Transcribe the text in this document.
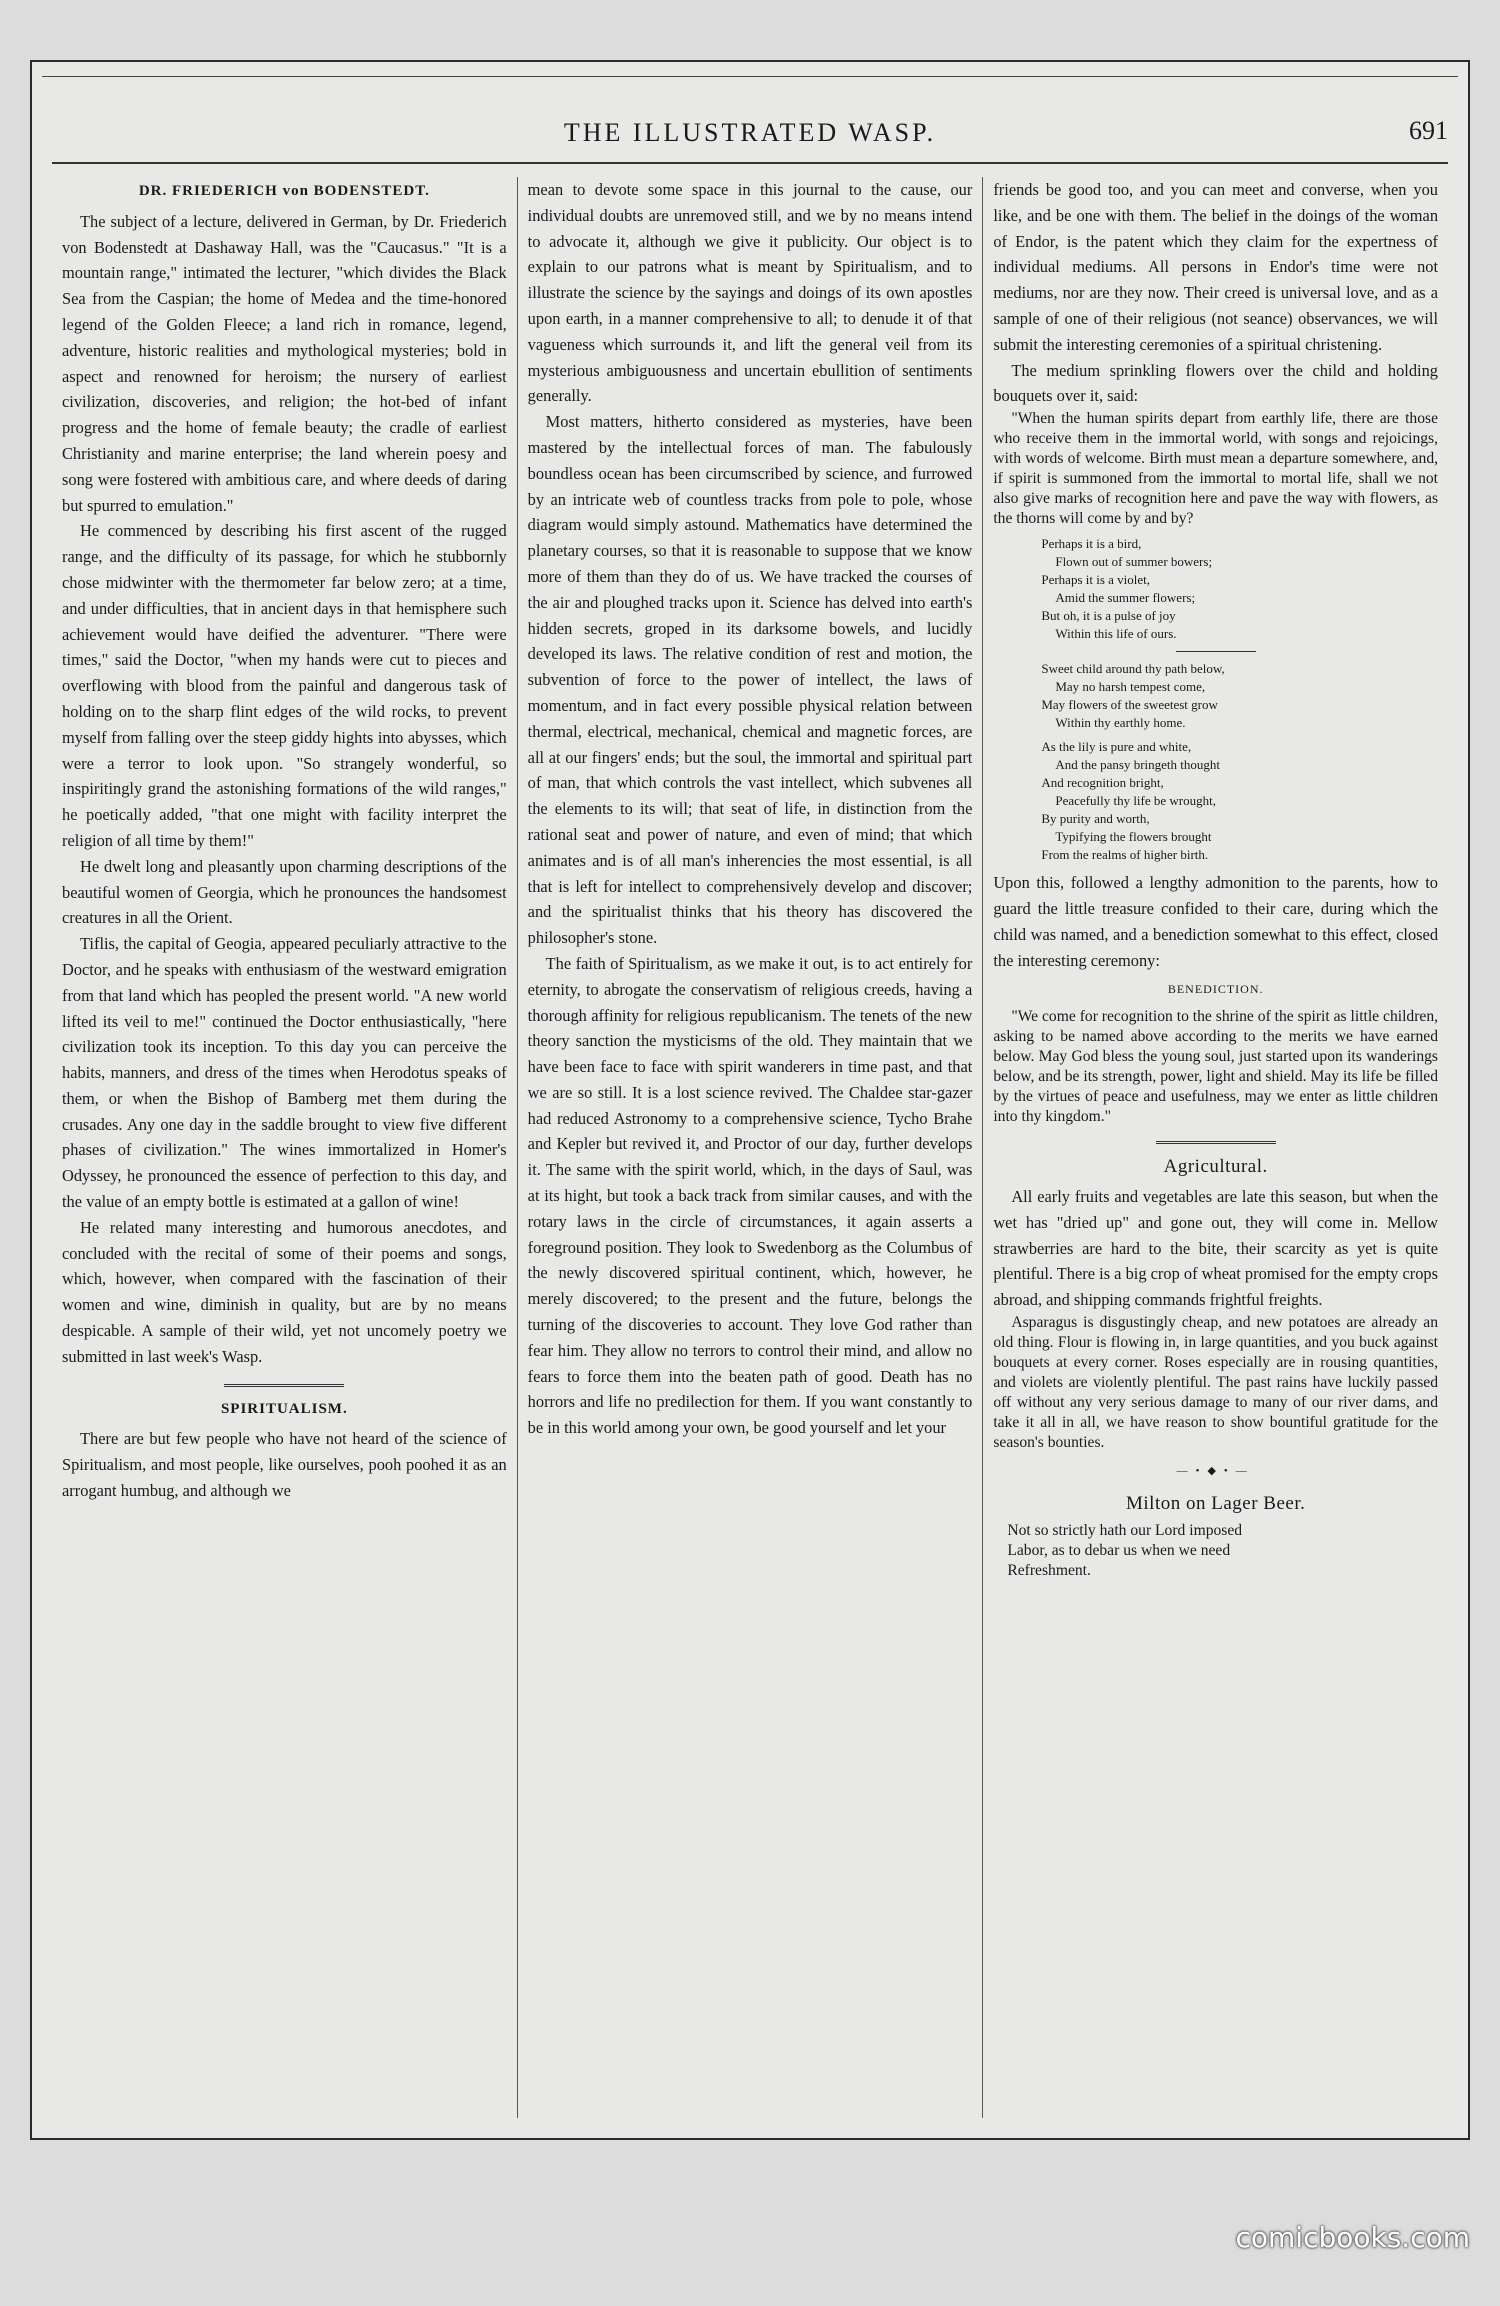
THE ILLUSTRATED WASP.	691
DR. FRIEDERICH von BODENSTEDT.

The subject of a lecture, delivered in German, by Dr. Friederich von Bodenstedt at Dashaway Hall, was the "Caucasus." "It is a mountain range," intimated the lecturer, "which divides the Black Sea from the Caspian; the home of Medea and the time-honored legend of the Golden Fleece; a land rich in romance, legend, adventure, historic realities and mythological mysteries; bold in aspect and renowned for heroism; the nursery of earliest civilization, discoveries, and religion; the hot-bed of infant progress and the home of female beauty; the cradle of earliest Christianity and marine enterprise; the land wherein poesy and song were fostered with ambitious care, and where deeds of daring but spurred to emulation."

He commenced by describing his first ascent of the rugged range, and the difficulty of its passage, for which he stubbornly chose midwinter with the thermometer far below zero; at a time, and under difficulties, that in ancient days in that hemisphere such achievement would have deified the adventurer. "There were times," said the Doctor, "when my hands were cut to pieces and overflowing with blood from the painful and dangerous task of holding on to the sharp flint edges of the wild rocks, to prevent myself from falling over the steep giddy hights into abysses, which were a terror to look upon. "So strangely wonderful, so inspiritingly grand the astonishing formations of the wild ranges," he poetically added, "that one might with facility interpret the religion of all time by them!"

He dwelt long and pleasantly upon charming descriptions of the beautiful women of Georgia, which he pronounces the handsomest creatures in all the Orient.

Tiflis, the capital of Geogia, appeared peculiarly attractive to the Doctor, and he speaks with enthusiasm of the westward emigration from that land which has peopled the present world. "A new world lifted its veil to me!" continued the Doctor enthusiastically, "here civilization took its inception. To this day you can perceive the habits, manners, and dress of the times when Herodotus speaks of them, or when the Bishop of Bamberg met them during the crusades. Any one day in the saddle brought to view five different phases of civilization." The wines immortalized in Homer's Odyssey, he pronounced the essence of perfection to this day, and the value of an empty bottle is estimated at a gallon of wine!

He related many interesting and humorous anecdotes, and concluded with the recital of some of their poems and songs, which, however, when compared with the fascination of their women and wine, diminish in quality, but are by no means despicable. A sample of their wild, yet not uncomely poetry we submitted in last week's Wasp.

SPIRITUALISM.

There are but few people who have not heard of the science of Spiritualism, and most people, like ourselves, pooh poohed it as an arrogant humbug, and although we

mean to devote some space in this journal to the cause, our individual doubts are unremoved still, and we by no means intend to advocate it, although we give it publicity. Our object is to explain to our patrons what is meant by Spiritualism, and to illustrate the science by the sayings and doings of its own apostles upon earth, in a manner comprehensive to all; to denude it of that vagueness which surrounds it, and lift the general veil from its mysterious ambiguousness and uncertain ebullition of sentiments generally.

Most matters, hitherto considered as mysteries, have been mastered by the intellectual forces of man. The fabulously boundless ocean has been circumscribed by science, and furrowed by an intricate web of countless tracks from pole to pole, whose diagram would simply astound. Mathematics have determined the planetary courses, so that it is reasonable to suppose that we know more of them than they do of us. We have tracked the courses of the air and ploughed tracks upon it. Science has delved into earth's hidden secrets, groped in its darksome bowels, and lucidly developed its laws. The relative condition of rest and motion, the subvention of force to the power of intellect, the laws of momentum, and in fact every possible physical relation between thermal, electrical, mechanical, chemical and magnetic forces, are all at our fingers' ends; but the soul, the immortal and spiritual part of man, that which controls the vast intellect, which subvenes all the elements to its will; that seat of life, in distinction from the rational seat and power of nature, and even of mind; that which animates and is of all man's inherencies the most essential, is all that is left for intellect to comprehensively develop and discover; and the spiritualist thinks that his theory has discovered the philosopher's stone.

The faith of Spiritualism, as we make it out, is to act entirely for eternity, to abrogate the conservatism of religious creeds, having a thorough affinity for religious republicanism. The tenets of the new theory sanction the mysticisms of the old. They maintain that we have been face to face with spirit wanderers in time past, and that we are so still. It is a lost science revived. The Chaldee star-gazer had reduced Astronomy to a comprehensive science, Tycho Brahe and Kepler but revived it, and Proctor of our day, further develops it. The same with the spirit world, which, in the days of Saul, was at its hight, but took a back track from similar causes, and with the rotary laws in the circle of circumstances, it again asserts a foreground position. They look to Swedenborg as the Columbus of the newly discovered spiritual continent, which, however, he merely discovered; to the present and the future, belongs the turning of the discoveries to account. They love God rather than fear him. They allow no terrors to control their mind, and allow no fears to force them into the beaten path of good. Death has no horrors and life no predilection for them. If you want constantly to be in this world among your own, be good yourself and let your

friends be good too, and you can meet and converse, when you like, and be one with them. The belief in the doings of the woman of Endor, is the patent which they claim for the expertness of individual mediums. All persons in Endor's time were not mediums, nor are they now. Their creed is universal love, and as a sample of one of their religious (not seance) observances, we will submit the interesting ceremonies of a spiritual christening.

The medium sprinkling flowers over the child and holding bouquets over it, said:

"When the human spirits depart from earthly life, there are those who receive them in the immortal world, with songs and rejoicings, with words of welcome. Birth must mean a departure somewhere, and, if spirit is summoned from the immortal to mortal life, shall we not also give marks of recognition here and pave the way with flowers, as the thorns will come by and by?

Perhaps it is a bird,
Flown out of summer bowers;
Perhaps it is a violet,
Amid the summer flowers;
But oh, it is a pulse of joy
Within this life of ours.
Sweet child around thy path below,
May no harsh tempest come,
May flowers of the sweetest grow
Within thy earthly home.
As the lily is pure and white,
And the pansy bringeth thought
And recognition bright,
Peacefully thy life be wrought,
By purity and worth,
Typifying the flowers brought
From the realms of higher birth.

Upon this, followed a lengthy admonition to the parents, how to guard the little treasure confided to their care, during which the child was named, and a benediction somewhat to this effect, closed the interesting ceremony:

BENEDICTION.

"We come for recognition to the shrine of the spirit as little children, asking to be named above according to the merits we have earned below. May God bless the young soul, just started upon its wanderings below, and be its strength, power, light and shield. May its life be filled by the virtues of peace and usefulness, may we enter as little children into thy kingdom."

Agricultural.

All early fruits and vegetables are late this season, but when the wet has "dried up" and gone out, they will come in. Mellow strawberries are hard to the bite, their scarcity as yet is quite plentiful. There is a big crop of wheat promised for the empty crops abroad, and shipping commands frightful freights.

Asparagus is disgustingly cheap, and new potatoes are already an old thing. Flour is flowing in, in large quantities, and you buck against bouquets at every corner. Roses especially are in rousing quantities, and violets are violently plentiful. The past rains have luckily passed off without any very serious damage to many of our river dams, and take it all in all, we have reason to show bountiful gratitude for the season's bounties.

—•◆•—
Milton on Lager Beer.
Not so strictly hath our Lord imposed
Labor, as to debar us when we need
Refreshment.
comicbooks.com
